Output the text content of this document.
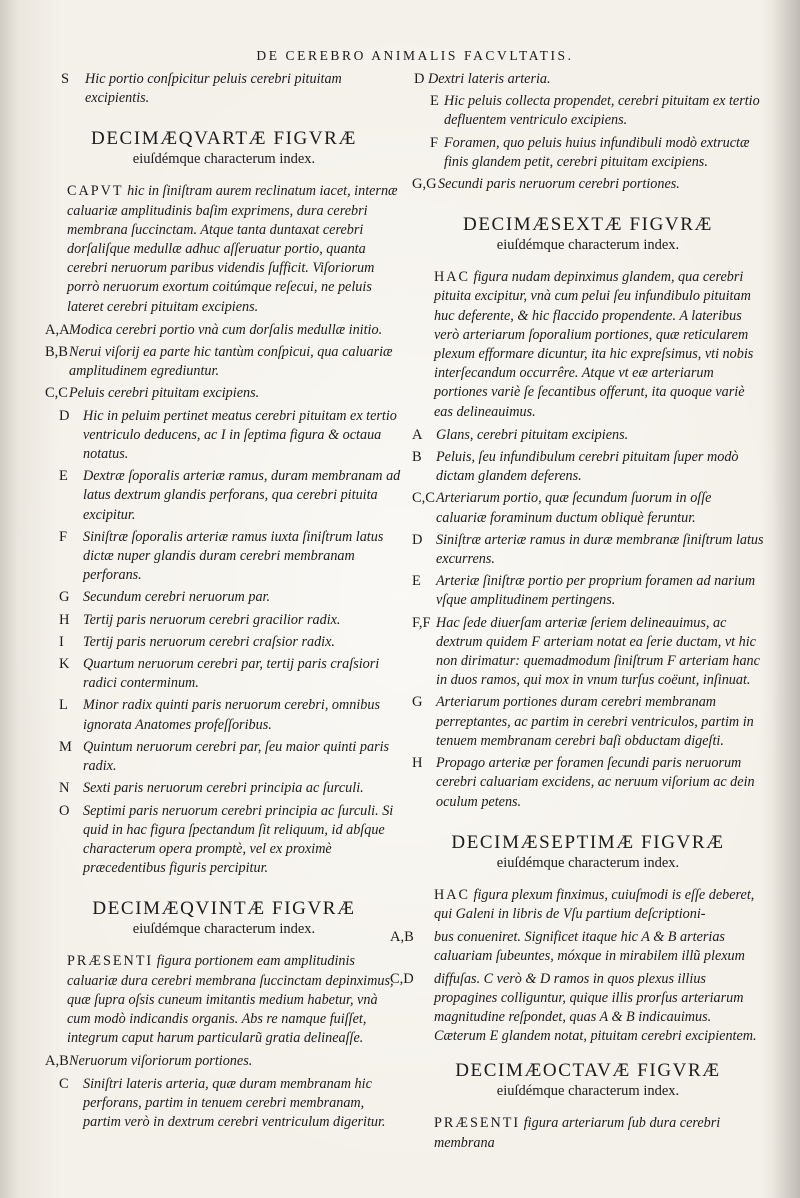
DE CEREBRO ANIMALIS FACVLTATIS.
S Hic portio conſpicitur peluis cerebri pituitam excipientis.
DECIMÆQVARTÆ FIGVRÆ
eiuſdémque characterum index.
CAPVT hic in ſiniſtram aurem reclinatum iacet, internæ caluariæ amplitudinis baſim exprimens, dura cerebri membrana ſuccinctam. Atque tanta duntaxat cerebri dorſaliſque medullæ adhuc aſſeruatur portio, quanta cerebri neruorum paribus videndis ſufficit. Viſoriorum porrò neruorum exortum coitúmque reſecui, ne peluis lateret cerebri pituitam excipiens.
A,A Modica cerebri portio vnà cum dorſalis medullæ initio.
B,B Nerui viſorij ea parte hic tantùm conſpicui, qua caluariæ amplitudinem egrediuntur.
C,C Peluis cerebri pituitam excipiens.
D Hic in peluim pertinet meatus cerebri pituitam ex tertio ventriculo deducens, ac I in ſeptima figura & octaua notatus.
E Dextræ ſoporalis arteriæ ramus, duram membranam ad latus dextrum glandis perforans, qua cerebri pituita excipitur.
F Siniſtræ ſoporalis arteriæ ramus iuxta ſiniſtrum latus dictæ nuper glandis duram cerebri membranam perforans.
G Secundum cerebri neruorum par.
H Tertij paris neruorum cerebri gracilior radix.
I Tertij paris neruorum cerebri craſsior radix.
K Quartum neruorum cerebri par, tertij paris craſsiori radici conterminum.
L Minor radix quinti paris neruorum cerebri, omnibus ignorata Anatomes profeſſoribus.
M Quintum neruorum cerebri par, ſeu maior quinti paris radix.
N Sexti paris neruorum cerebri principia ac ſurculi.
O Septimi paris neruorum cerebri principia ac ſurculi. Si quid in hac figura ſpectandum ſit reliquum, id abſque characterum opera promptè, vel ex proximè præcedentibus figuris percipitur.
DECIMÆQVINTÆ FIGVRÆ
eiuſdémque characterum index.
PRÆSENTI figura portionem eam amplitudinis caluariæ dura cerebri membrana ſuccinctam depinximus, quæ ſupra oſsis cuneum imitantis medium habetur, vnà cum modò indicandis organis. Abs re namque fuiſſet, integrum caput harum particularũ gratia delineaſſe.
A,B Neruorum viſoriorum portiones.
C Siniſtri lateris arteria, quæ duram membranam hic perforans, partim in tenuem cerebri membranam, partim verò in dextrum cerebri ventriculum digeritur.
D Dextri lateris arteria.
E Hic peluis collecta propendet, cerebri pituitam ex tertio defluentem ventriculo excipiens.
F Foramen, quo peluis huius infundibuli modò extructæ finis glandem petit, cerebri pituitam excipiens.
G,G Secundi paris neruorum cerebri portiones.
DECIMÆSEXTÆ FIGVRÆ
eiuſdémque characterum index.
HAC figura nudam depinximus glandem, qua cerebri pituita excipitur, vnà cum pelui ſeu infundibulo pituitam huc deferente, & hic flaccido propendente. A lateribus verò arteriarum ſoporalium portiones, quæ reticularem plexum efformare dicuntur, ita hic expreſsimus, vti nobis interſecandum occurrêre. Atque vt eæ arteriarum portiones variè ſe ſecantibus offerunt, ita quoque variè eas delineauimus.
A Glans, cerebri pituitam excipiens.
B Peluis, ſeu infundibulum cerebri pituitam ſuper modò dictam glandem deferens.
C,C Arteriarum portio, quæ ſecundum ſuorum in oſſe caluariæ foraminum ductum obliquè feruntur.
D Siniſtræ arteriæ ramus in duræ membranæ ſiniſtrum latus excurrens.
E Arteriæ ſiniſtræ portio per proprium foramen ad narium vſque amplitudinem pertingens.
F,F Hac ſede diuerſam arteriæ ſeriem delineauimus, ac dextrum quidem F arteriam notat ea ſerie ductam, vt hic non dirimatur: quemadmodum ſiniſtrum F arteriam hanc in duos ramos, qui mox in vnum turſus coëunt, inſinuat.
G Arteriarum portiones duram cerebri membranam perreptantes, ac partim in cerebri ventriculos, partim in tenuem membranam cerebri baſi obductam digeſti.
H Propago arteriæ per foramen ſecundi paris neruorum cerebri caluariam excidens, ac neruum viſorium ac dein oculum petens.
DECIMÆSEPTIMÆ FIGVRÆ
eiuſdémque characterum index.
HAC figura plexum finximus, cuiuſmodi is eſſe deberet, qui Galeni in libris de Vſu partium deſcriptioni-
A,B bus conueniret. Significet itaque hic A & B arterias caluariam ſubeuntes, móxque in mirabilem illũ plexum
C,D diffuſas. C verò & D ramos in quos plexus illius propagines colliguntur, quique illis prorſus arteriarum magnitudine reſpondet, quas A & B indicauimus. Cæterum E glandem notat, pituitam cerebri excipientem.
DECIMÆOCTAVÆ FIGVRÆ
eiuſdémque characterum index.
PRÆSENTI figura arteriarum ſub dura cerebri membrana
